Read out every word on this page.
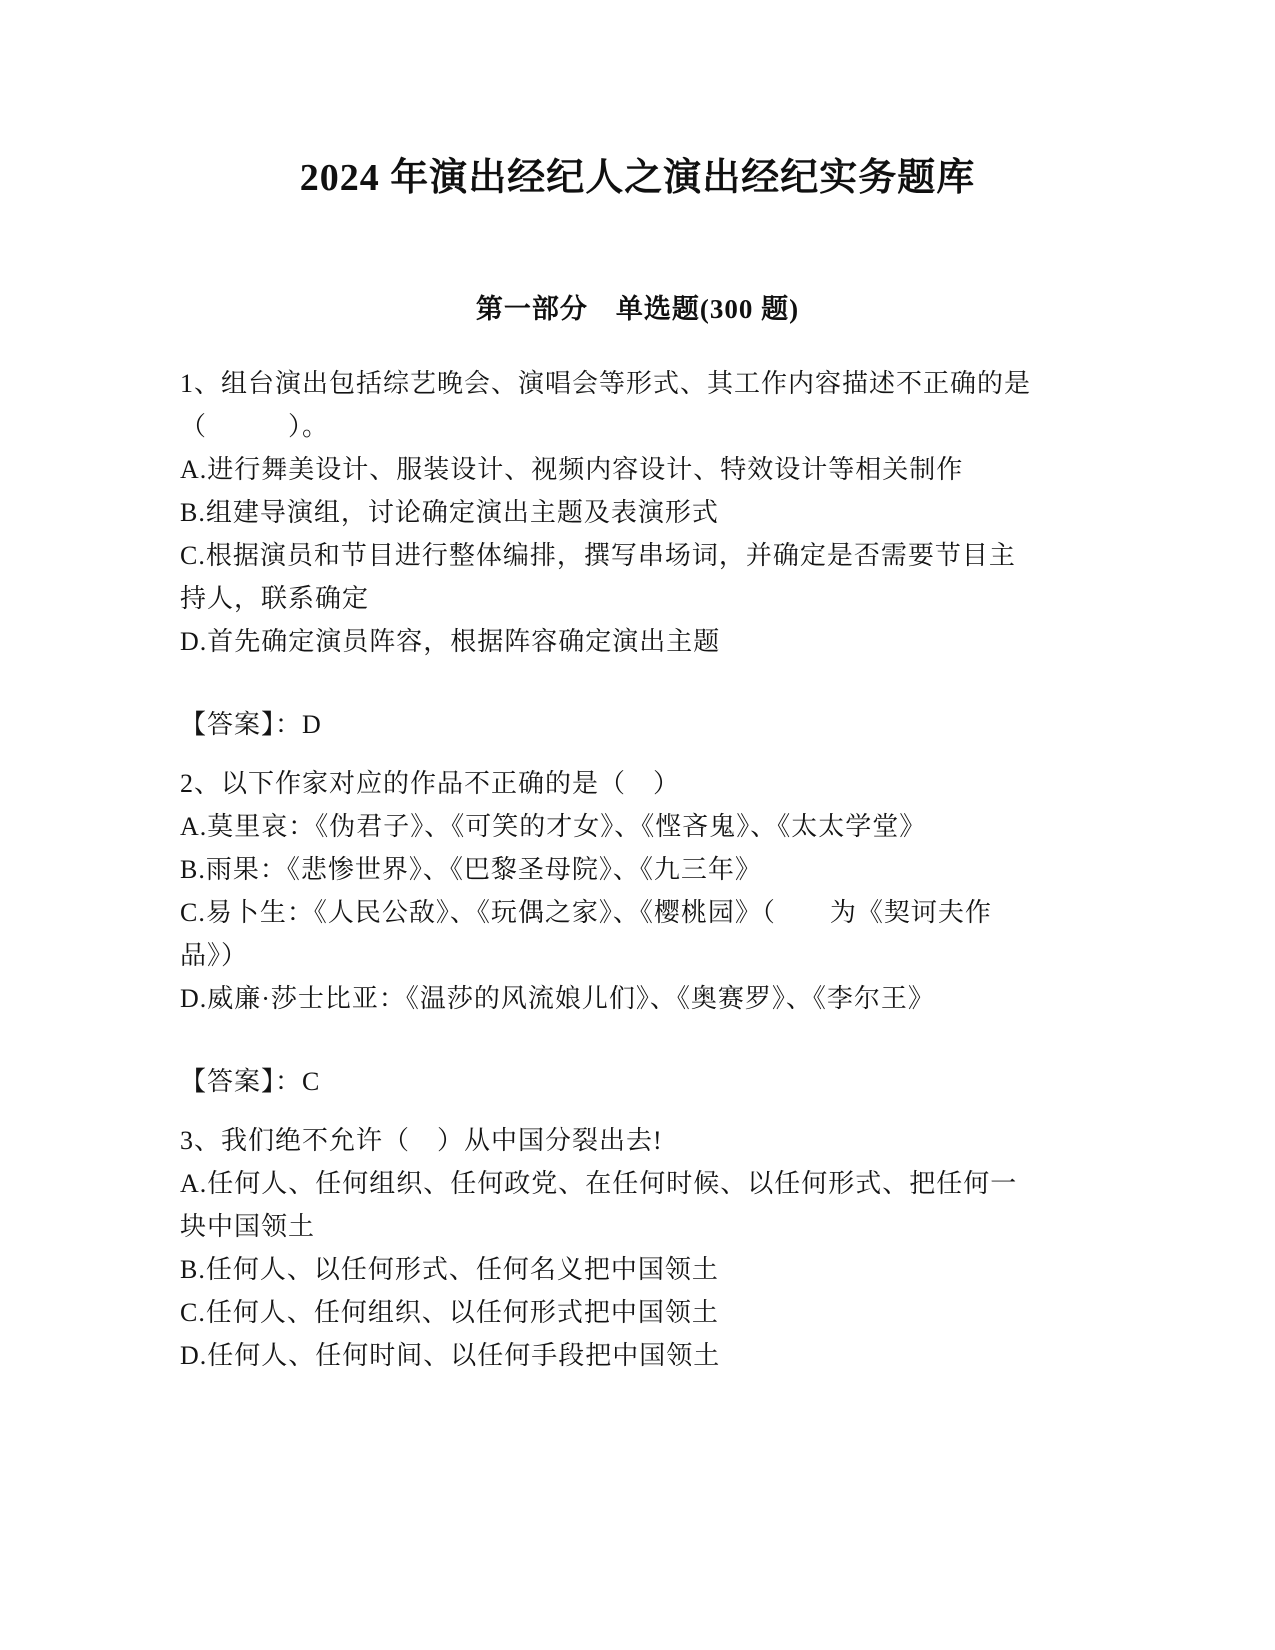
2024 年演出经纪人之演出经纪实务题库
第一部分　单选题(300 题)

1、组台演出包括综艺晚会、演唱会等形式、其工作内容描述不正确的是（　　　）。

A.进行舞美设计、服装设计、视频内容设计、特效设计等相关制作

B.组建导演组，讨论确定演出主题及表演形式

C.根据演员和节目进行整体编排，撰写串场词，并确定是否需要节目主持人，联系确定

D.首先确定演员阵容，根据阵容确定演出主题

【答案】：D

2、以下作家对应的作品不正确的是（　）

A.莫里哀：《伪君子》、《可笑的才女》、《悭吝鬼》、《太太学堂》

B.雨果：《悲惨世界》、《巴黎圣母院》、《九三年》

C.易卜生：《人民公敌》、《玩偶之家》、《樱桃园》（　　为《契诃夫作品》）

D.威廉·莎士比亚：《温莎的风流娘儿们》、《奥赛罗》、《李尔王》

【答案】：C

3、我们绝不允许（　）从中国分裂出去!

A.任何人、任何组织、任何政党、在任何时候、以任何形式、把任何一块中国领土

B.任何人、以任何形式、任何名义把中国领土

C.任何人、任何组织、以任何形式把中国领土

D.任何人、任何时间、以任何手段把中国领土
